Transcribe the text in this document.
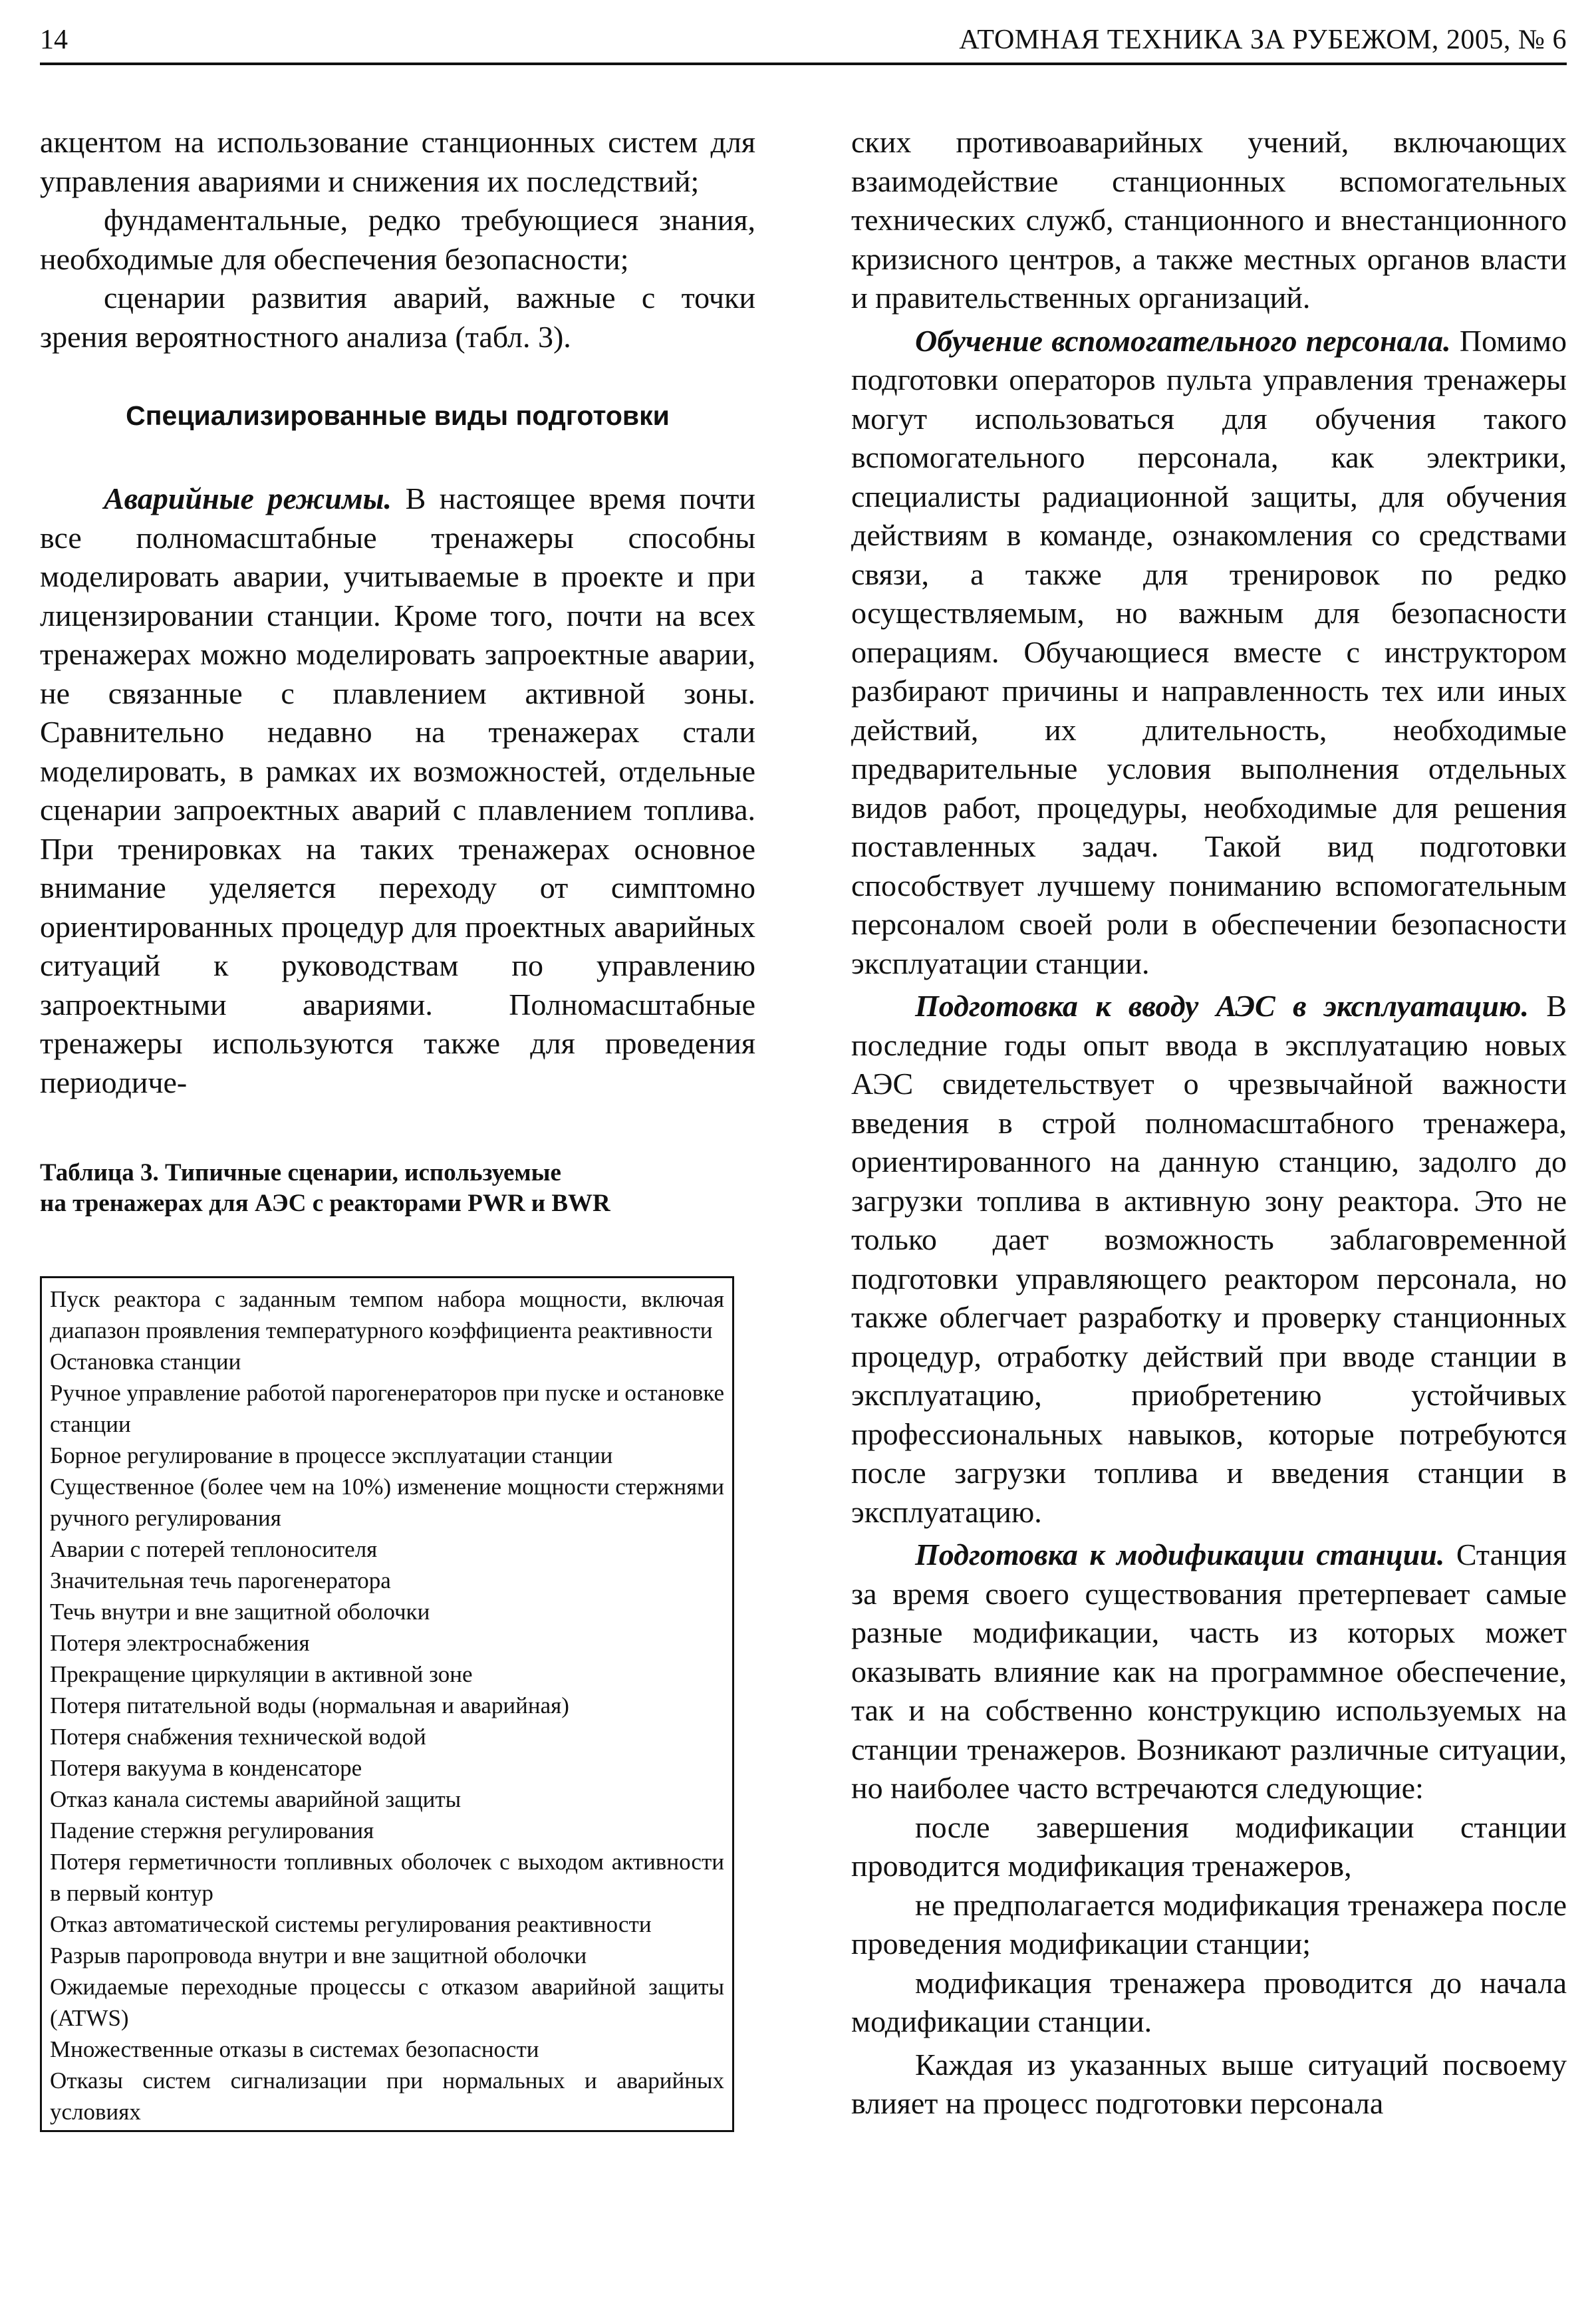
14	АТОМНАЯ ТЕХНИКА ЗА РУБЕЖОМ, 2005, № 6

акцентом на использование станционных систем для управления авариями и снижения их последствий;

фундаментальные, редко требующиеся знания, необходимые для обеспечения безопасности;

сценарии развития аварий, важные с точки зрения вероятностного анализа (табл. 3).

Специализированные виды подготовки

Аварийные режимы. В настоящее время почти все полномасштабные тренажеры способны моделировать аварии, учитываемые в проекте и при лицензировании станции. Кроме того, почти на всех тренажерах можно моделировать запроектные аварии, не связанные с плавлением активной зоны. Сравнительно недавно на тренажерах стали моделировать, в рамках их возможностей, отдельные сценарии запроектных аварий с плавлением топлива. При тренировках на таких тренажерах основное внимание уделяется переходу от симптомно ориентированных процедур для проектных аварийных ситуаций к руководствам по управлению запроектными авариями. Полномасштабные тренажеры используются также для проведения периодиче-

Таблица 3. Типичные сценарии, используемые
на тренажерах для АЭС с реакторами PWR и BWR
Пуск реактора с заданным темпом набора мощности, включая диапазон проявления температурного коэффициента реактивности
Остановка станции
Ручное управление работой парогенераторов при пуске и остановке станции
Борное регулирование в процессе эксплуатации станции
Существенное (более чем на 10%) изменение мощности стержнями ручного регулирования
Аварии с потерей теплоносителя
Значительная течь парогенератора
Течь внутри и вне защитной оболочки
Потеря электроснабжения
Прекращение циркуляции в активной зоне
Потеря питательной воды (нормальная и аварийная)
Потеря снабжения технической водой
Потеря вакуума в конденсаторе
Отказ канала системы аварийной защиты
Падение стержня регулирования
Потеря герметичности топливных оболочек с выходом активности в первый контур
Отказ автоматической системы регулирования реактивности
Разрыв паропровода внутри и вне защитной оболочки
Ожидаемые переходные процессы с отказом аварийной защиты (ATWS)
Множественные отказы в системах безопасности
Отказы систем сигнализации при нормальных и аварийных условиях

ских противоаварийных учений, включающих взаимодействие станционных вспомогательных технических служб, станционного и внестанционного кризисного центров, а также местных органов власти и правительственных организаций.

Обучение вспомогательного персонала. Помимо подготовки операторов пульта управления тренажеры могут использоваться для обучения такого вспомогательного персонала, как электрики, специалисты радиационной защиты, для обучения действиям в команде, ознакомления со средствами связи, а также для тренировок по редко осуществляемым, но важным для безопасности операциям. Обучающиеся вместе с инструктором разбирают причины и направленность тех или иных действий, их длительность, необходимые предварительные условия выполнения отдельных видов работ, процедуры, необходимые для решения поставленных задач. Такой вид подготовки способствует лучшему пониманию вспомогательным персоналом своей роли в обеспечении безопасности эксплуатации станции.

Подготовка к вводу АЭС в эксплуатацию. В последние годы опыт ввода в эксплуатацию новых АЭС свидетельствует о чрезвычайной важности введения в строй полномасштабного тренажера, ориентированного на данную станцию, задолго до загрузки топлива в активную зону реактора. Это не только дает возможность заблаговременной подготовки управляющего реактором персонала, но также облегчает разработку и проверку станционных процедур, отработку действий при вводе станции в эксплуатацию, приобретению устойчивых профессиональных навыков, которые потребуются после загрузки топлива и введения станции в эксплуатацию.

Подготовка к модификации станции. Станция за время своего существования претерпевает самые разные модификации, часть из которых может оказывать влияние как на программное обеспечение, так и на собственно конструкцию используемых на станции тренажеров. Возникают различные ситуации, но наиболее часто встречаются следующие:

после завершения модификации станции проводится модификация тренажеров,

не предполагается модификация тренажера после проведения модификации станции;

модификация тренажера проводится до начала модификации станции.

Каждая из указанных выше ситуаций посвоему влияет на процесс подготовки персонала
